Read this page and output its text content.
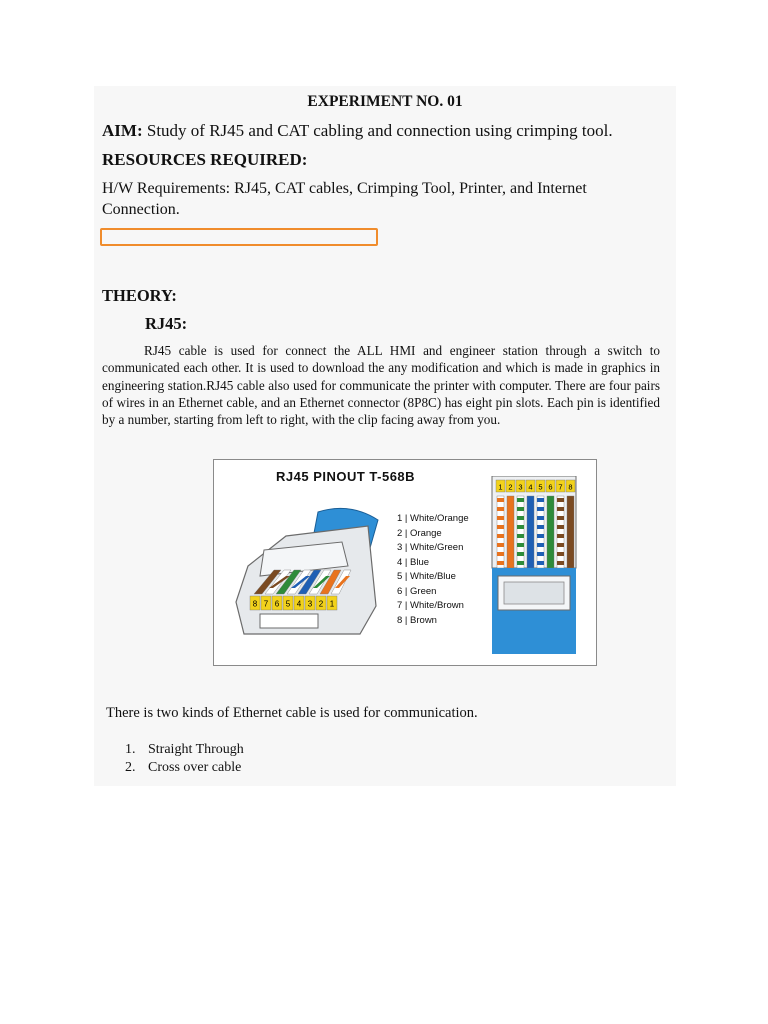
EXPERIMENT NO. 01
AIM: Study of RJ45 and CAT cabling and connection using crimping tool.
RESOURCES REQUIRED:
H/W Requirements: RJ45, CAT cables, Crimping Tool, Printer, and Internet Connection.
THEORY:
RJ45:

RJ45 cable is used for connect the ALL HMI and engineer station through a switch to communicated each other. It is used to download the any modification and which is made in graphics in engineering station.RJ45 cable also used for communicate the printer with computer. There are four pairs of wires in an Ethernet cable, and an Ethernet connector (8P8C) has eight pin slots. Each pin is identified by a number, starting from left to right, with the clip facing away from you.

RJ45 PINOUT T-568B
8 7 6 5 4 3 2 1
1 | White/Orange
2 | Orange
3 | White/Green
4 | Blue
5 | White/Blue
6 | Green
7 | White/Brown
8 | Brown
1 2 3 4 5 6 7 8
There is two kinds of Ethernet cable is used for communication.
1. Straight Through
2. Cross over cable
